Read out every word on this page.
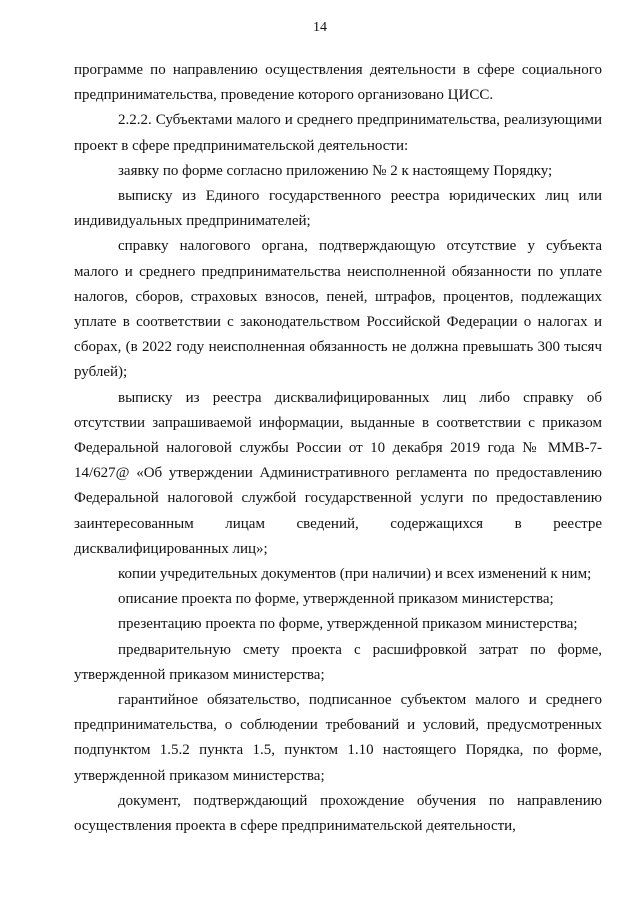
14

программе по направлению осуществления деятельности в сфере социального предпринимательства, проведение которого организовано ЦИСС.

2.2.2. Субъектами малого и среднего предпринимательства, реализующими проект в сфере предпринимательской деятельности:

заявку по форме согласно приложению № 2 к настоящему Порядку;

выписку из Единого государственного реестра юридических лиц или индивидуальных предпринимателей;

справку налогового органа, подтверждающую отсутствие у субъекта малого и среднего предпринимательства неисполненной обязанности по уплате налогов, сборов, страховых взносов, пеней, штрафов, процентов, подлежащих уплате в соответствии с законодательством Российской Федерации о налогах и сборах, (в 2022 году неисполненная обязанность не должна превышать 300 тысяч рублей);

выписку из реестра дисквалифицированных лиц либо справку об отсутствии запрашиваемой информации, выданные в соответствии с приказом Федеральной налоговой службы России от 10 декабря 2019 года № ММВ-7-14/627@ «Об утверждении Административного регламента по предоставлению Федеральной налоговой службой государственной услуги по предоставлению заинтересованным лицам сведений, содержащихся в реестре дисквалифицированных лиц»;

копии учредительных документов (при наличии) и всех изменений к ним;

описание проекта по форме, утвержденной приказом министерства;

презентацию проекта по форме, утвержденной приказом министерства;

предварительную смету проекта с расшифровкой затрат по форме, утвержденной приказом министерства;

гарантийное обязательство, подписанное субъектом малого и среднего предпринимательства, о соблюдении требований и условий, предусмотренных подпунктом 1.5.2 пункта 1.5, пунктом 1.10 настоящего Порядка, по форме, утвержденной приказом министерства;

документ, подтверждающий прохождение обучения по направлению осуществления проекта в сфере предпринимательской деятельности,
